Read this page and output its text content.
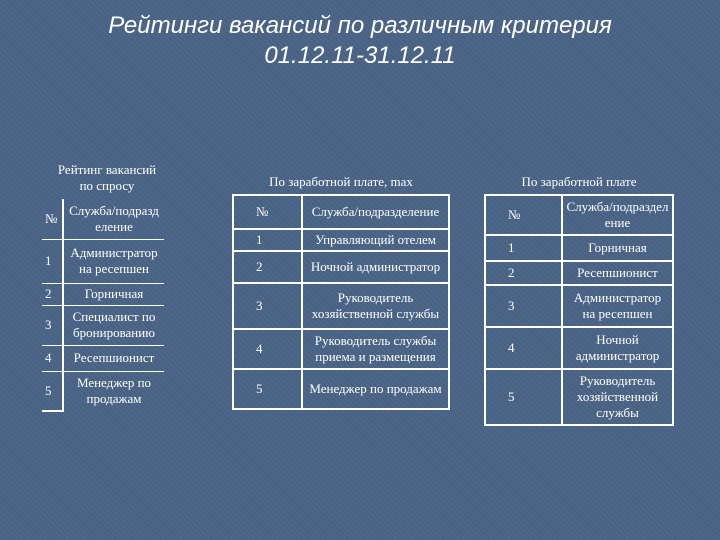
Рейтинги вакансий по различным критерия
01.12.11-31.12.11
Рейтинг вакансий
по спросу
№	Служба/подразд еление
1	Администратор на ресепшен
2	Горничная
3	Специалист по бронированию
4	Ресепшионист
5	Менеджер по продажам
По заработной плате, max
№	Служба/подразделение
1	Управляющий отелем
2	Ночной администратор
3	Руководитель хозяйственной службы
4	Руководитель службы приема и размещения
5	Менеджер по продажам
По заработной плате
№	Служба/подраздел ение
1	Горничная
2	Ресепшионист
3	Администратор на ресепшен
4	Ночной администратор
5	Руководитель хозяйственной службы
